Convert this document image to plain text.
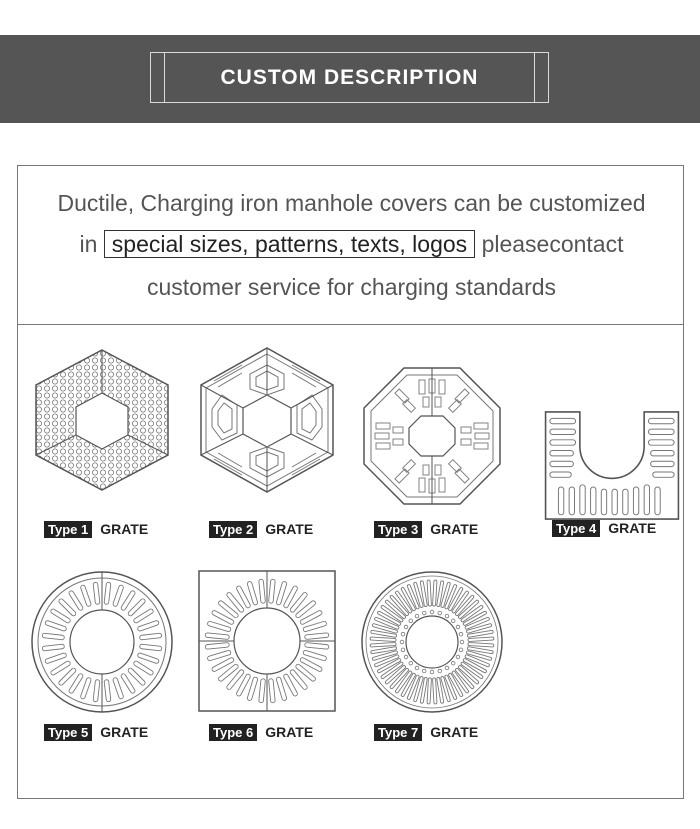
CUSTOM DESCRIPTION
Ductile, Charging iron manhole covers can be customized
in special sizes, patterns, texts, logos pleasecontact
customer service for charging standards
Type 1 GRATE	Type 2 GRATE	Type 3 GRATE	Type 4 GRATE
Type 5 GRATE	Type 6 GRATE	Type 7 GRATE
